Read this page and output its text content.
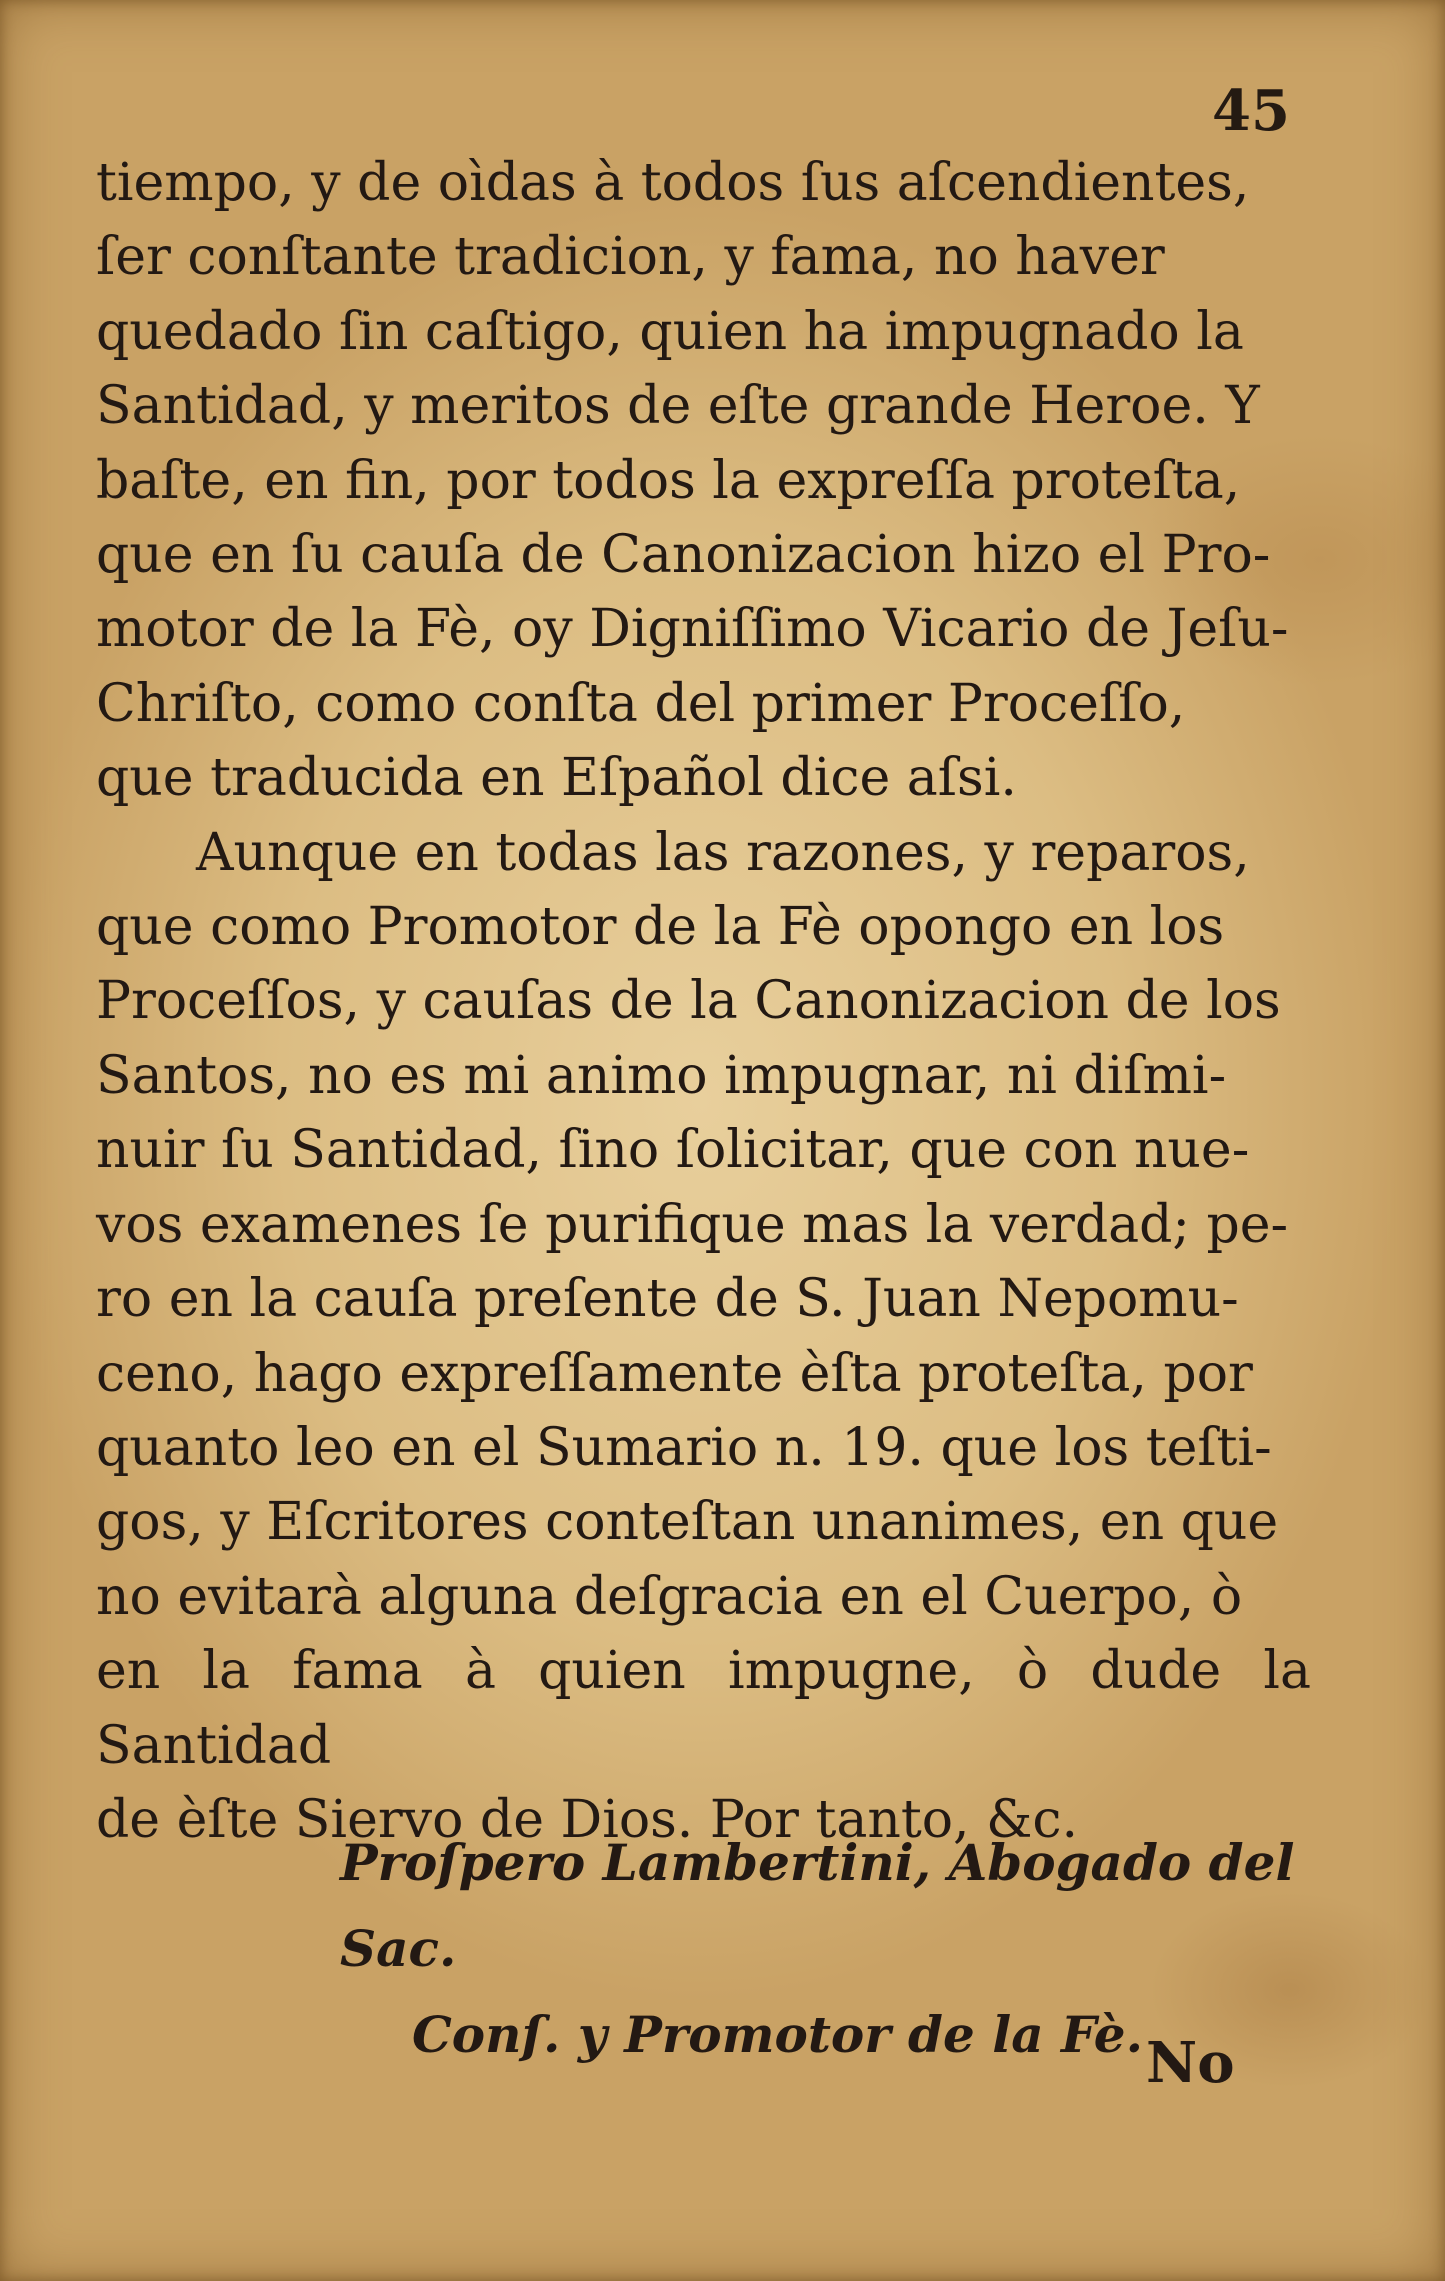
45

tiempo, y de oìdas à todos ſus aſcendientes,
ſer conſtante tradicion, y fama, no haver
quedado ſin caſtigo, quien ha impugnado la
Santidad, y meritos de eſte grande Heroe. Y
baſte, en fin, por todos la expreſſa proteſta,
que en ſu cauſa de Canonizacion hizo el Pro-
motor de la Fè, oy Digniſſimo Vicario de Jeſu-
Chriſto, como conſta del primer Proceſſo,
que traducida en Eſpañol dice aſsi.

Aunque en todas las razones, y reparos,
que como Promotor de la Fè opongo en los
Proceſſos, y cauſas de la Canonizacion de los
Santos, no es mi animo impugnar, ni diſmi-
nuir ſu Santidad, ſino ſolicitar, que con nue-
vos examenes ſe purifique mas la verdad; pe-
ro en la cauſa preſente de S. Juan Nepomu-
ceno, hago expreſſamente èſta proteſta, por
quanto leo en el Sumario n. 19. que los teſti-
gos, y Eſcritores conteſtan unanimes, en que
no evitarà alguna deſgracia en el Cuerpo, ò
en la fama à quien impugne, ò dude la Santidad
de èſte Siervo de Dios. Por tanto, &c.

Proſpero Lambertini, Abogado del Sac.
Conſ. y Promotor de la Fè. No
